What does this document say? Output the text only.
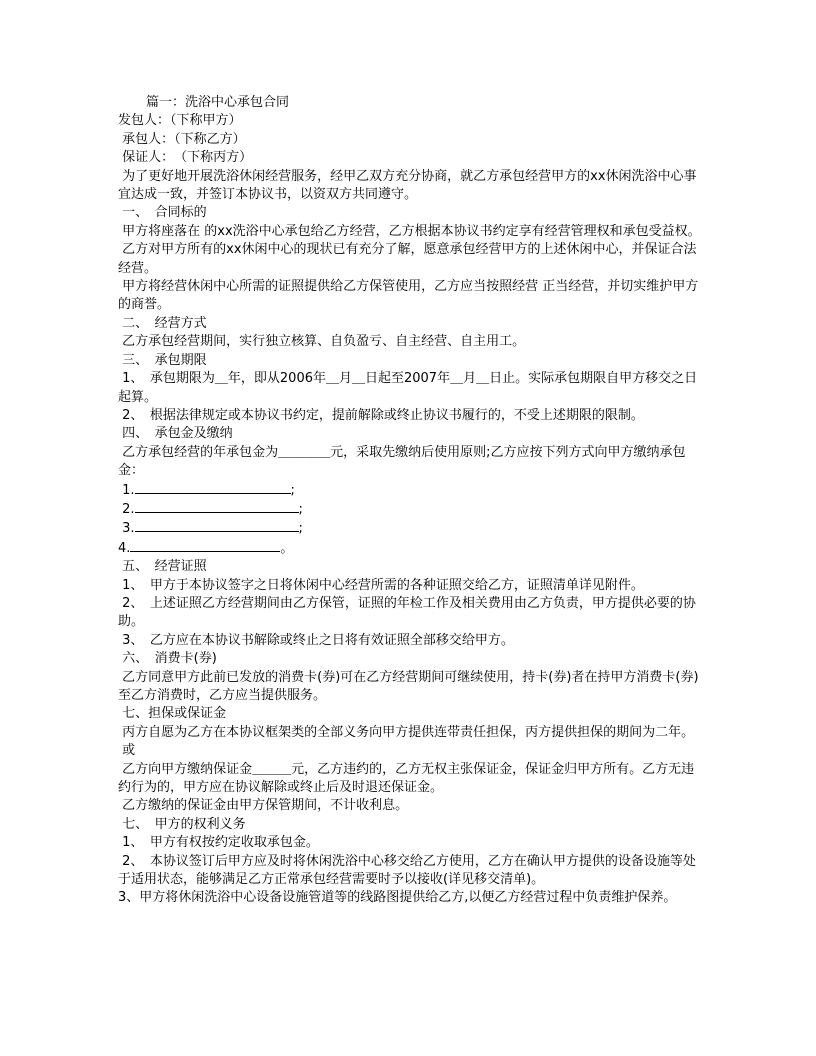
篇一：洗浴中心承包合同
发包人：（下称甲方）
承包人：（下称乙方）
保证人：　（下称丙方）
为了更好地开展洗浴休闲经营服务，经甲乙双方充分协商，就乙方承包经营甲方的xx休闲洗浴中心事宜达成一致，并签订本协议书，以资双方共同遵守。
一、　合同标的
甲方将座落在 的xx洗浴中心承包给乙方经营，乙方根据本协议书约定享有经营管理权和承包受益权。
乙方对甲方所有的xx休闲中心的现状已有充分了解，愿意承包经营甲方的上述休闲中心，并保证合法经营。
甲方将经营休闲中心所需的证照提供给乙方保管使用，乙方应当按照经营 正当经营，并切实维护甲方的商誉。
二、　经营方式
乙方承包经营期间，实行独立核算、自负盈亏、自主经营、自主用工。
三、　承包期限
1、　承包期限为＿年，即从2006年＿月＿日起至2007年＿月＿日止。实际承包期限自甲方移交之日起算。
2、　根据法律规定或本协议书约定，提前解除或终止协议书履行的，不受上述期限的限制。
四、　承包金及缴纳
乙方承包经营的年承包金为＿＿＿＿元，采取先缴纳后使用原则;乙方应按下列方式向甲方缴纳承包金：
1.	;
2.	;
3.	;
4.	。
五、　经营证照
1、　甲方于本协议签字之日将休闲中心经营所需的各种证照交给乙方，证照清单详见附件。
2、　上述证照乙方经营期间由乙方保管，证照的年检工作及相关费用由乙方负责，甲方提供必要的协助。
3、　乙方应在本协议书解除或终止之日将有效证照全部移交给甲方。
六、　消费卡(券)
乙方同意甲方此前已发放的消费卡(券)可在乙方经营期间可继续使用，持卡(券)者在持甲方消费卡(券)至乙方消费时，乙方应当提供服务。
七、担保或保证金
丙方自愿为乙方在本协议框架类的全部义务向甲方提供连带责任担保，丙方提供担保的期间为二年。
或
乙方向甲方缴纳保证金＿＿＿元，乙方违约的，乙方无权主张保证金，保证金归甲方所有。乙方无违约行为的，甲方应在协议解除或终止后及时退还保证金。
乙方缴纳的保证金由甲方保管期间，不计收利息。
七、　甲方的权利义务
1、　甲方有权按约定收取承包金。
2、　本协议签订后甲方应及时将休闲洗浴中心移交给乙方使用，乙方在确认甲方提供的设备设施等处于适用状态，能够满足乙方正常承包经营需要时予以接收(详见移交清单)。
3、甲方将休闲洗浴中心设备设施管道等的线路图提供给乙方,以便乙方经营过程中负责维护保养。
